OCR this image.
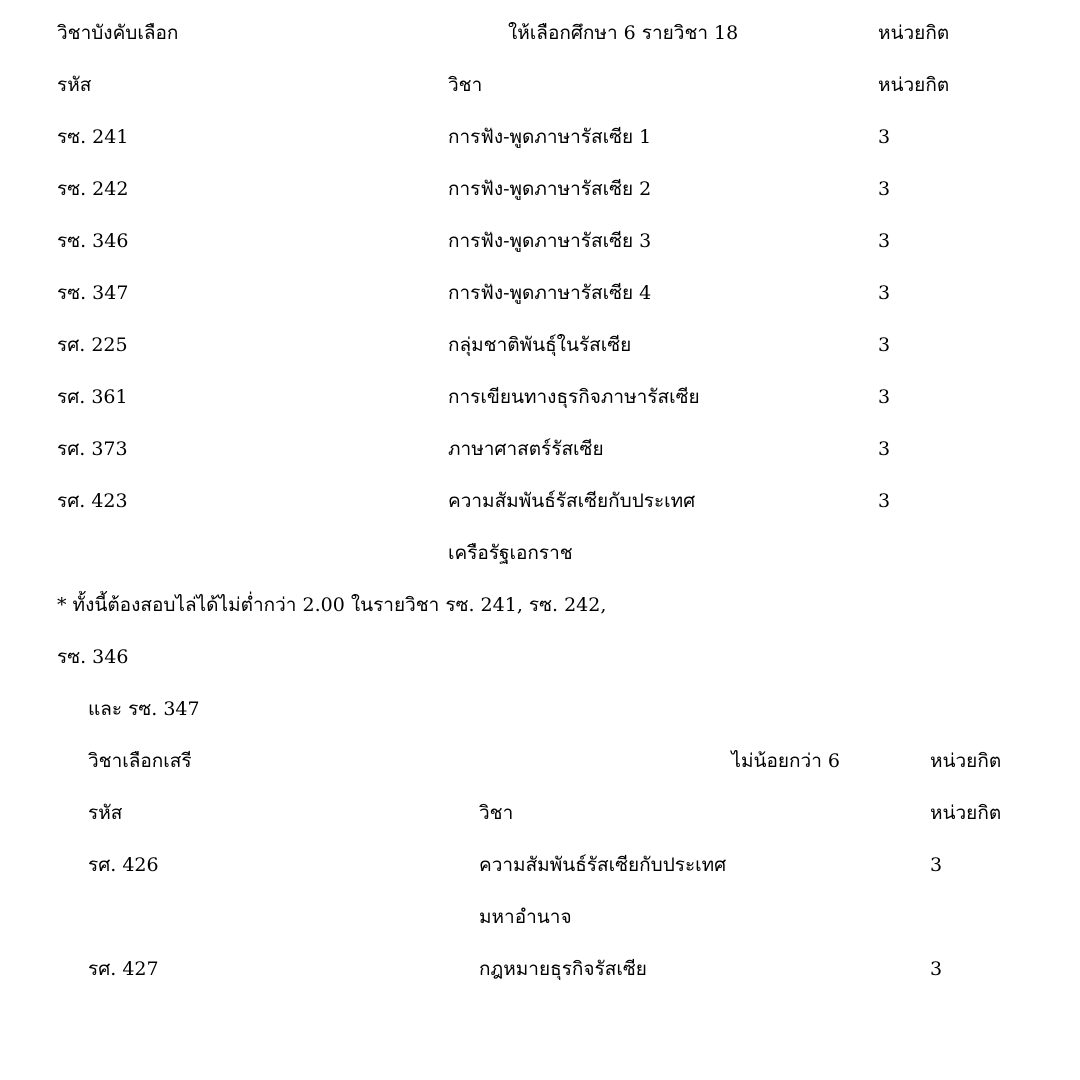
วิชาบังคับเลือก	ให้เลือกศึกษา 6 รายวิชา 18	หน่วยกิต
รหัส	วิชา	หน่วยกิต
รซ. 241	การฟัง-พูดภาษารัสเซีย 1	3
รซ. 242	การฟัง-พูดภาษารัสเซีย 2	3
รซ. 346	การฟัง-พูดภาษารัสเซีย 3	3
รซ. 347	การฟัง-พูดภาษารัสเซีย 4	3
รศ. 225	กลุ่มชาติพันธุ์ในรัสเซีย	3
รศ. 361	การเขียนทางธุรกิจภาษารัสเซีย	3
รศ. 373	ภาษาศาสตร์รัสเซีย	3
รศ. 423	ความสัมพันธ์รัสเซียกับประเทศ	3
เครือรัฐเอกราช
* ทั้งนี้ต้องสอบไล่ได้ไม่ต่ำกว่า 2.00 ในรายวิชา รซ. 241, รซ. 242,
รซ. 346
และ รซ. 347
วิชาเลือกเสรี	ไม่น้อยกว่า 6	หน่วยกิต
รหัส	วิชา	หน่วยกิต
รศ. 426	ความสัมพันธ์รัสเซียกับประเทศ	3
มหาอำนาจ
รศ. 427	กฎหมายธุรกิจรัสเซีย	3
